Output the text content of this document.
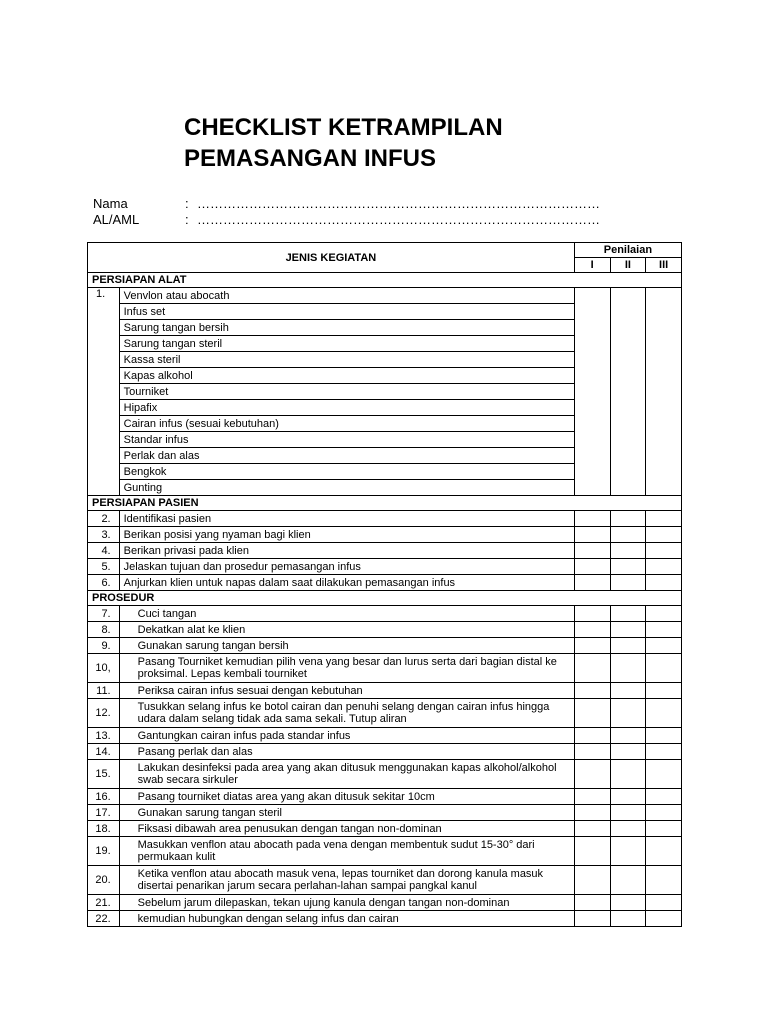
CHECKLIST KETRAMPILAN
PEMASANGAN INFUS
Nama	: …………………………………………………………………………………
AL/AML	: …………………………………………………………………………………
JENIS KEGIATAN		Penilaian		
		I	II	III
PERSIAPAN ALAT				
1.	Venvlon atau abocath			
	Infus set			
	Sarung tangan bersih			
	Sarung tangan steril			
	Kassa steril			
	Kapas alkohol			
	Tourniket			
	Hipafix			
	Cairan infus (sesuai kebutuhan)			
	Standar infus			
	Perlak dan alas			
	Bengkok			
	Gunting			
PERSIAPAN PASIEN				
2.	Identifikasi pasien			
3.	Berikan posisi yang nyaman bagi klien			
4.	Berikan privasi pada klien			
5.	Jelaskan tujuan dan prosedur pemasangan infus			
6.	Anjurkan klien untuk napas dalam saat dilakukan pemasangan infus			
PROSEDUR				
7.	Cuci tangan			
8.	Dekatkan alat ke klien			
9.	Gunakan sarung tangan bersih			
10,	Pasang Tourniket kemudian pilih vena yang besar dan lurus serta dari bagian distal ke proksimal. Lepas kembali tourniket			
11.	Periksa cairan infus sesuai dengan kebutuhan			
12.	Tusukkan selang infus ke botol cairan dan penuhi selang dengan cairan infus hingga udara dalam selang tidak ada sama sekali. Tutup aliran			
13.	Gantungkan cairan infus pada standar infus			
14.	Pasang perlak dan alas			
15.	Lakukan desinfeksi pada area yang akan ditusuk menggunakan kapas alkohol/alkohol swab secara sirkuler			
16.	Pasang tourniket diatas area yang akan ditusuk sekitar 10cm			
17.	Gunakan sarung tangan steril			
18.	Fiksasi dibawah area penusukan dengan tangan non-dominan			
19.	Masukkan venflon atau abocath pada vena dengan membentuk sudut 15-30° dari permukaan kulit			
20.	Ketika venflon atau abocath masuk vena, lepas tourniket dan dorong kanula masuk disertai penarikan jarum secara perlahan-lahan sampai pangkal kanul			
21.	Sebelum jarum dilepaskan, tekan ujung kanula dengan tangan non-dominan			
22.	kemudian hubungkan dengan selang infus dan cairan			
